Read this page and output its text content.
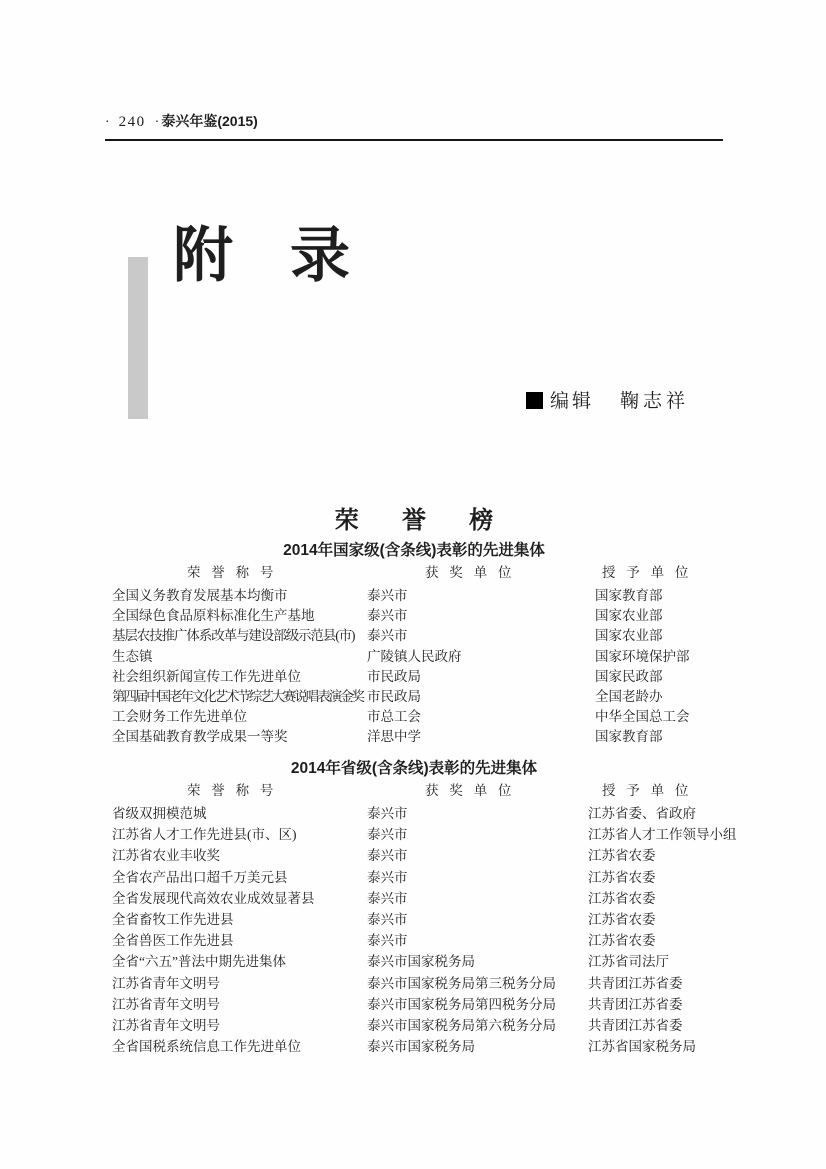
· 240 · 泰兴年鉴(2015)
附录
编辑 鞠志祥
荣誉榜
2014年国家级(含条线)表彰的先进集体
荣誉称号	获奖单位	授予单位
全国义务教育发展基本均衡市	泰兴市	国家教育部
全国绿色食品原料标准化生产基地	泰兴市	国家农业部
基层农技推广体系改革与建设部级示范县(市) 泰兴市	国家农业部
生态镇	广陵镇人民政府	国家环境保护部
社会组织新闻宣传工作先进单位	市民政局	国家民政部
第四届中国老年文化艺术节综艺大赛说唱表演金奖 市民政局	全国老龄办
工会财务工作先进单位	市总工会	中华全国总工会
全国基础教育教学成果一等奖	洋思中学	国家教育部
2014年省级(含条线)表彰的先进集体
荣誉称号	获奖单位	授予单位
省级双拥模范城	泰兴市	江苏省委、省政府
江苏省人才工作先进县(市、区)	泰兴市	江苏省人才工作领导小组
江苏省农业丰收奖	泰兴市	江苏省农委
全省农产品出口超千万美元县	泰兴市	江苏省农委
全省发展现代高效农业成效显著县	泰兴市	江苏省农委
全省畜牧工作先进县	泰兴市	江苏省农委
全省兽医工作先进县	泰兴市	江苏省农委
全省“六五”普法中期先进集体	泰兴市国家税务局	江苏省司法厅
江苏省青年文明号	泰兴市国家税务局第三税务分局	共青团江苏省委
江苏省青年文明号	泰兴市国家税务局第四税务分局	共青团江苏省委
江苏省青年文明号	泰兴市国家税务局第六税务分局	共青团江苏省委
全省国税系统信息工作先进单位	泰兴市国家税务局	江苏省国家税务局
